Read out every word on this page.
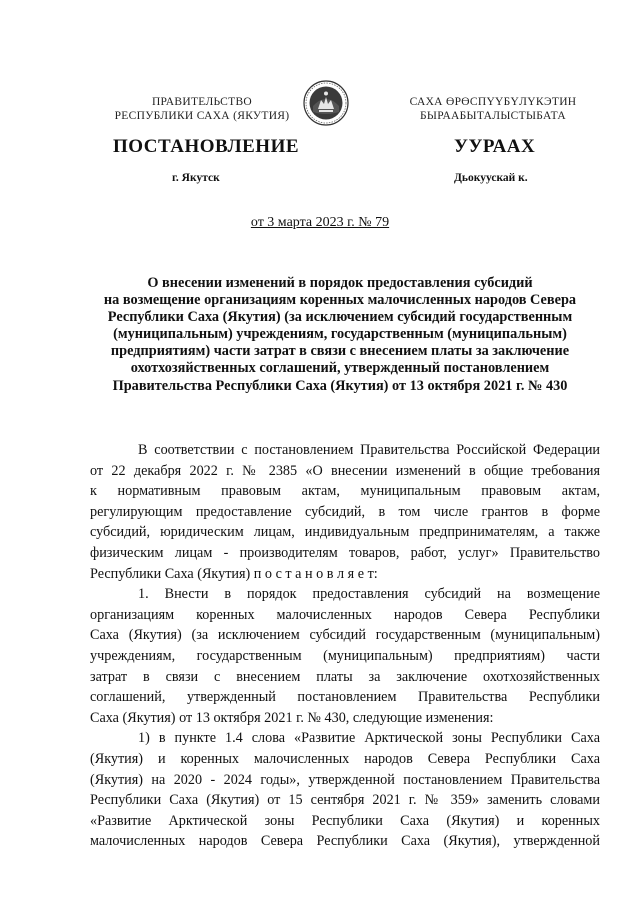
ПРАВИТЕЛЬСТВО
РЕСПУБЛИКИ САХА (ЯКУТИЯ)
САХА ӨРӨСПҮҮБҮЛҮКЭТИН
БЫРААБЫТАЛЫСТЫБАТА
ПОСТАНОВЛЕНИЕ	УУРААХ
г. Якутск	Дьокуускай к.
от 3 марта 2023 г. № 79
О внесении изменений в порядок предоставления субсидий
на возмещение организациям коренных малочисленных народов Севера
Республики Саха (Якутия) (за исключением субсидий государственным
(муниципальным) учреждениям, государственным (муниципальным)
предприятиям) части затрат в связи с внесением платы за заключение
охотхозяйственных соглашений, утвержденный постановлением
Правительства Республики Саха (Якутия) от 13 октября 2021 г. № 430
В соответствии с постановлением Правительства Российской Федерации
от 22 декабря 2022 г. № 2385 «О внесении изменений в общие требования
к нормативным правовым актам, муниципальным правовым актам,
регулирующим предоставление субсидий, в том числе грантов в форме
субсидий, юридическим лицам, индивидуальным предпринимателям, а также
физическим лицам - производителям товаров, работ, услуг» Правительство
Республики Саха (Якутия) п о с т а н о в л я е т:
1. Внести в порядок предоставления субсидий на возмещение
организациям коренных малочисленных народов Севера Республики
Саха (Якутия) (за исключением субсидий государственным (муниципальным)
учреждениям, государственным (муниципальным) предприятиям) части
затрат в связи с внесением платы за заключение охотхозяйственных
соглашений, утвержденный постановлением Правительства Республики
Саха (Якутия) от 13 октября 2021 г. № 430, следующие изменения:
1) в пункте 1.4 слова «Развитие Арктической зоны Республики Саха
(Якутия) и коренных малочисленных народов Севера Республики Саха
(Якутия) на 2020 - 2024 годы», утвержденной постановлением Правительства
Республики Саха (Якутия) от 15 сентября 2021 г. № 359» заменить словами
«Развитие Арктической зоны Республики Саха (Якутия) и коренных
малочисленных народов Севера Республики Саха (Якутия), утвержденной
